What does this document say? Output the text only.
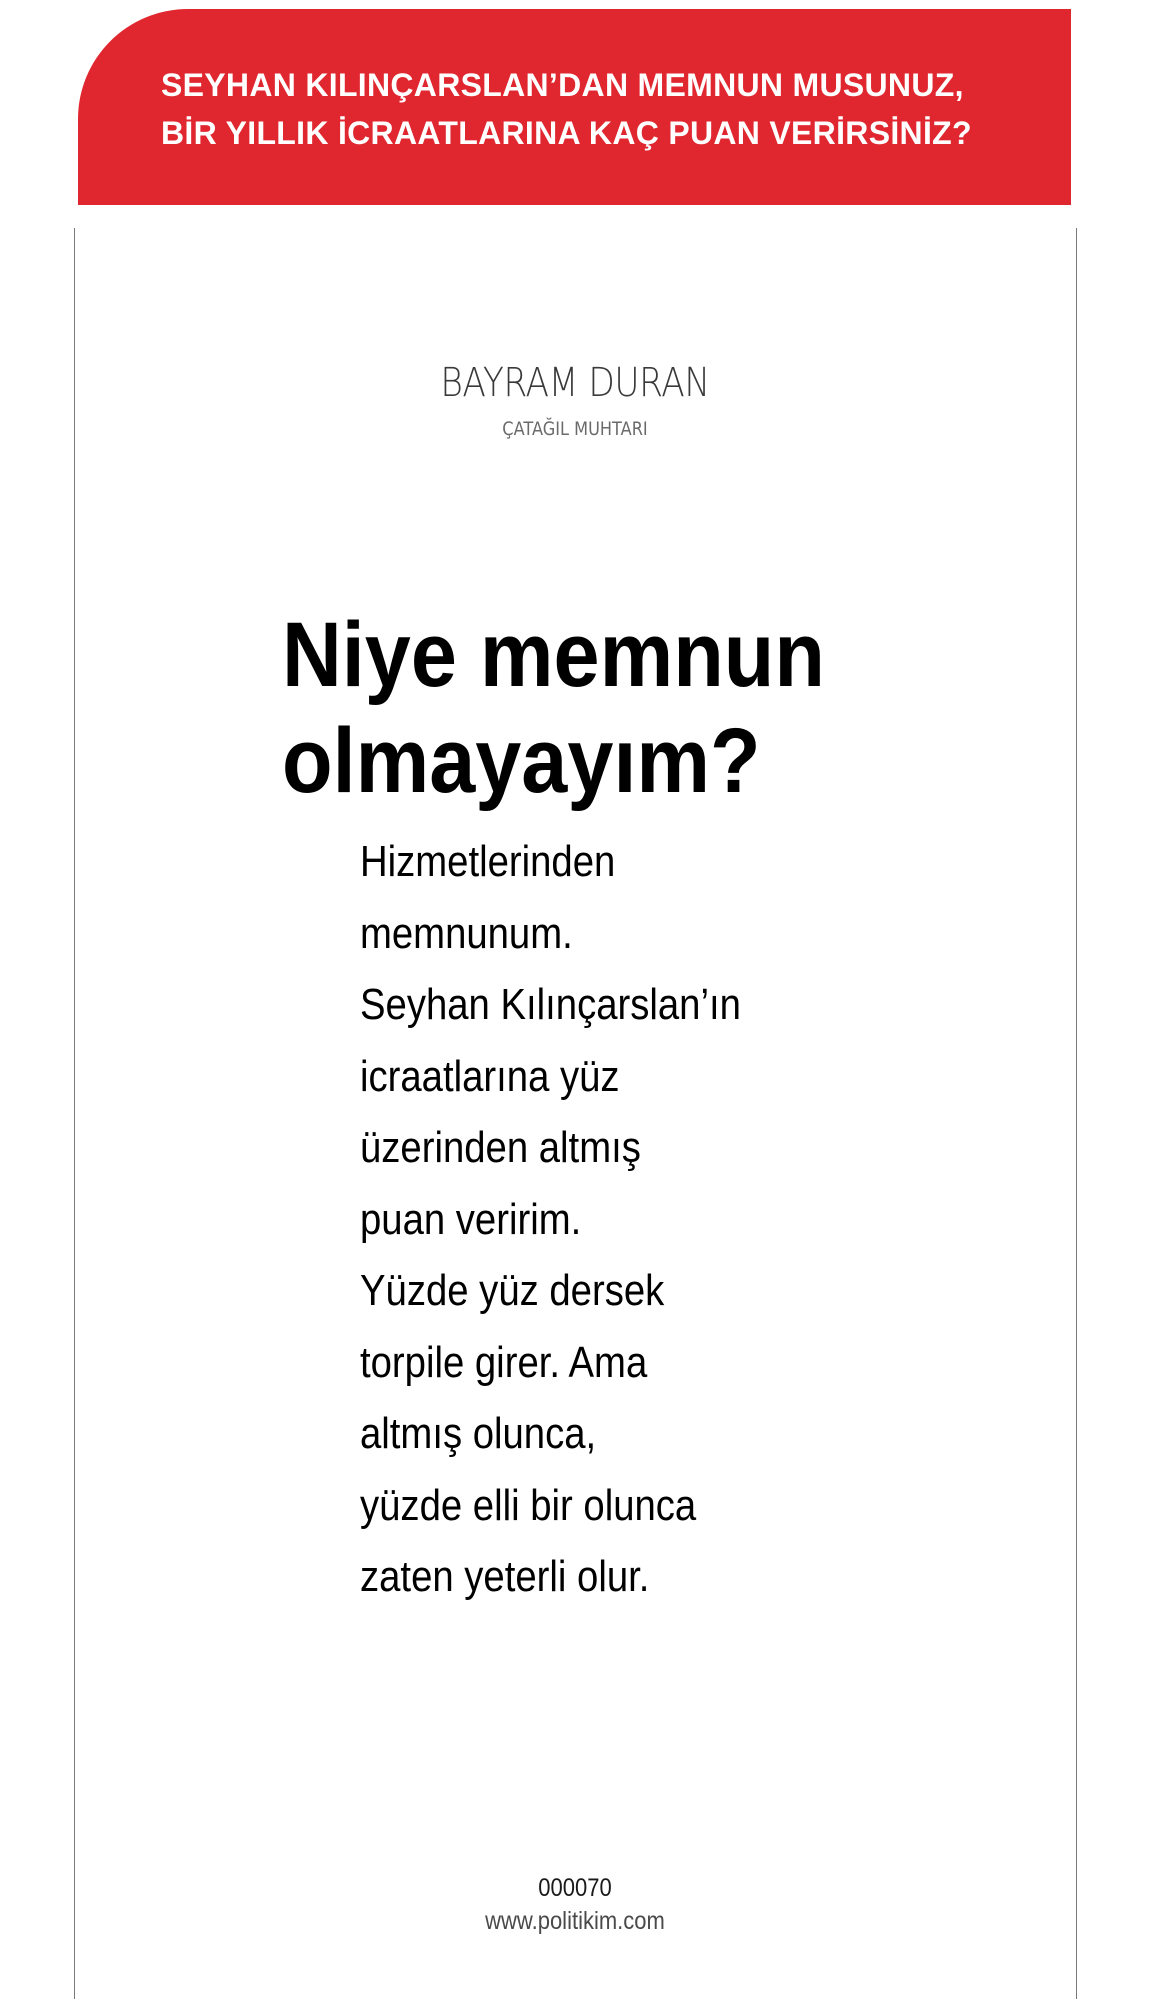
SEYHAN KILINÇARSLAN’DAN MEMNUN MUSUNUZ,
BİR YILLIK İCRAATLARINA KAÇ PUAN VERİRSİNİZ?
BAYRAM DURAN
ÇATAĞIL MUHTARI
Niye memnun
olmayayım?
Hizmetlerinden
memnunum.
Seyhan Kılınçarslan’ın
icraatlarına yüz
üzerinden altmış
puan veririm.
Yüzde yüz dersek
torpile girer. Ama
altmış olunca,
yüzde elli bir olunca
zaten yeterli olur.
000070
www.politikim.com
